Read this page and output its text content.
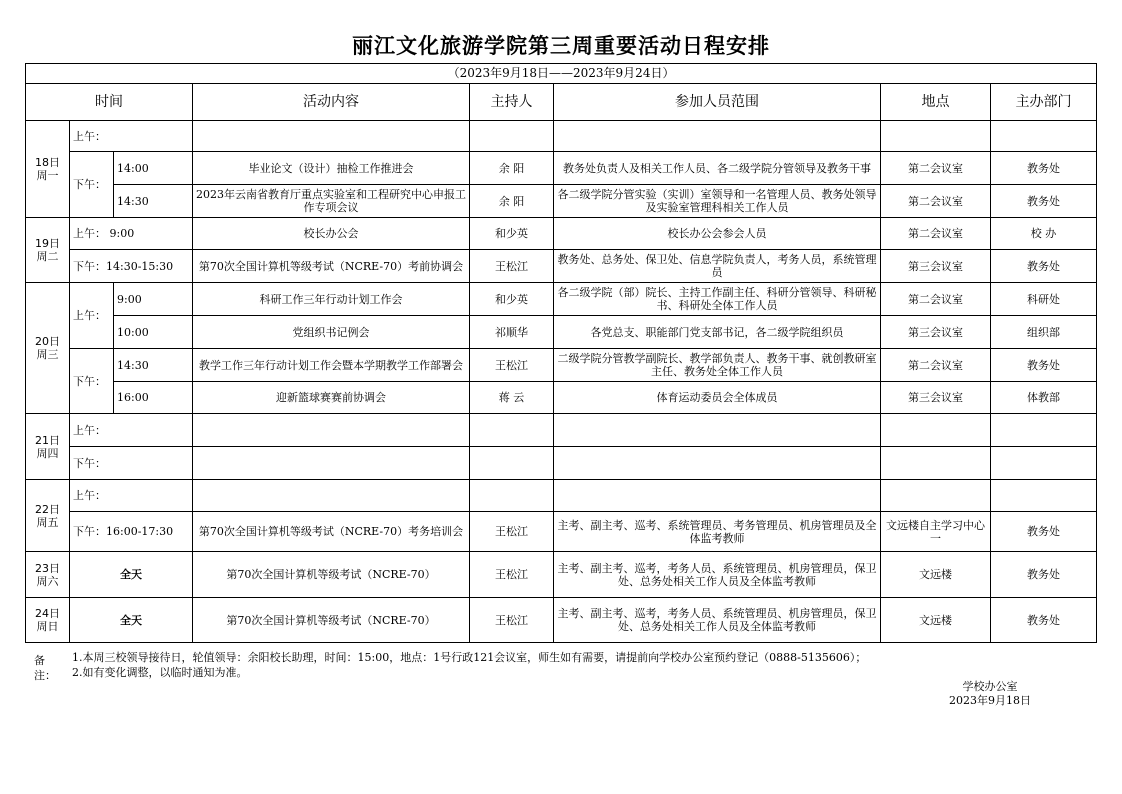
丽江文化旅游学院第三周重要活动日程安排
（2023年9月18日——2023年9月24日）							
时间			活动内容	主持人	参加人员范围	地点	主办部门
18日
周一	上午：						
	下午：	14:00	毕业论文（设计）抽检工作推进会	余 阳	教务处负责人及相关工作人员、各二级学院分管领导及教务干事	第二会议室	教务处
		14:30	2023年云南省教育厅重点实验室和工程研究中心申报工作专项会议	余 阳	各二级学院分管实验（实训）室领导和一名管理人员、教务处领导及实验室管理科相关工作人员	第二会议室	教务处
19日
周二	上午： 9:00		校长办公会	和少英	校长办公会参会人员	第二会议室	校 办
	下午：14:30-15:30		第70次全国计算机等级考试（NCRE-70）考前协调会	王松江	教务处、总务处、保卫处、信息学院负责人，考务人员，系统管理员	第三会议室	教务处
20日
周三	上午：	9:00	科研工作三年行动计划工作会	和少英	各二级学院（部）院长、主持工作副主任、科研分管领导、科研秘书、科研处全体工作人员	第二会议室	科研处
		10:00	党组织书记例会	祁顺华	各党总支、职能部门党支部书记，各二级学院组织员	第三会议室	组织部
	下午：	14:30	教学工作三年行动计划工作会暨本学期教学工作部署会	王松江	二级学院分管教学副院长、教学部负责人、教务干事、就创教研室主任、教务处全体工作人员	第二会议室	教务处
		16:00	迎新篮球赛赛前协调会	蒋 云	体育运动委员会全体成员	第三会议室	体教部
21日
周四	上午：						
	下午：						
22日
周五	上午：						
	下午：16:00-17:30		第70次全国计算机等级考试（NCRE-70）考务培训会	王松江	主考、副主考、巡考、系统管理员、考务管理员、机房管理员及全体监考教师	文远楼自主学习中心一	教务处
23日
周六	全天		第70次全国计算机等级考试（NCRE-70）	王松江	主考、副主考、巡考，考务人员、系统管理员、机房管理员，保卫处、总务处相关工作人员及全体监考教师	文远楼	教务处
24日
周日	全天		第70次全国计算机等级考试（NCRE-70）	王松江	主考、副主考、巡考，考务人员、系统管理员、机房管理员，保卫处、总务处相关工作人员及全体监考教师	文远楼	教务处
备注：
1.本周三校领导接待日，轮值领导：余阳校长助理，时间：15:00，地点：1号行政121会议室，师生如有需要，请提前向学校办公室预约登记（0888-5135606）；
2.如有变化调整，以临时通知为准。
学校办公室
2023年9月18日
